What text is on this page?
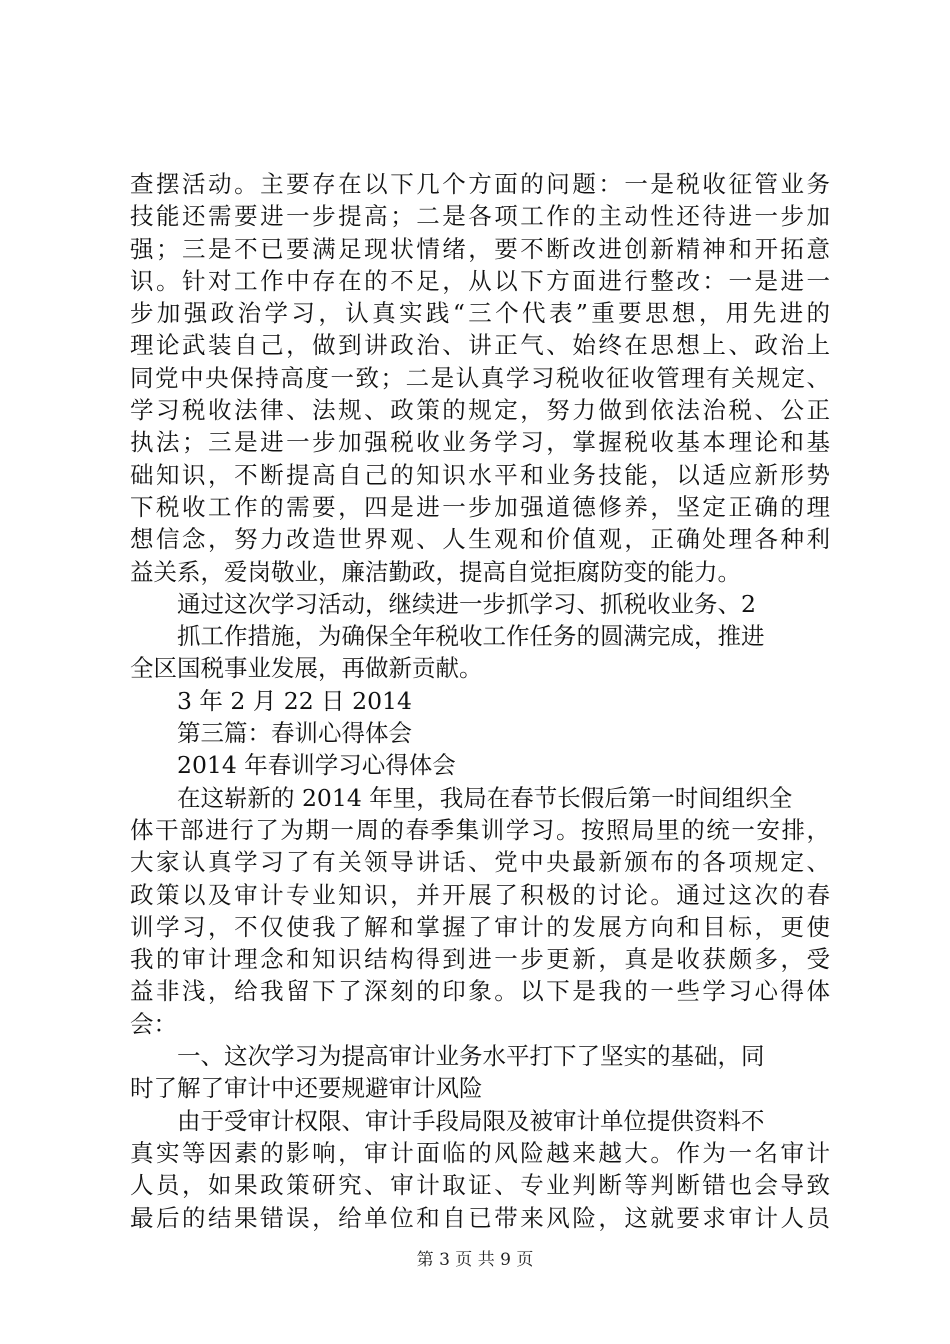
查摆活动。主要存在以下几个方面的问题：一是税收征管业务
技能还需要进一步提高；二是各项工作的主动性还待进一步加
强；三是不已要满足现状情绪，要不断改进创新精神和开拓意
识。针对工作中存在的不足，从以下方面进行整改：一是进一
步加强政治学习，认真实践“三个代表”重要思想，用先进的
理论武装自己，做到讲政治、讲正气、始终在思想上、政治上
同党中央保持高度一致；二是认真学习税收征收管理有关规定、
学习税收法律、法规、政策的规定，努力做到依法治税、公正
执法；三是进一步加强税收业务学习，掌握税收基本理论和基
础知识，不断提高自己的知识水平和业务技能，以适应新形势
下税收工作的需要，四是进一步加强道德修养，坚定正确的理
想信念，努力改造世界观、人生观和价值观，正确处理各种利
益关系，爱岗敬业，廉洁勤政，提高自觉拒腐防变的能力。
通过这次学习活动，继续进一步抓学习、抓税收业务、2
抓工作措施，为确保全年税收工作任务的圆满完成，推进
全区国税事业发展，再做新贡献。
3 年 2 月 22 日 2014
第三篇：春训心得体会
2014 年春训学习心得体会
在这崭新的 2014 年里，我局在春节长假后第一时间组织全
体干部进行了为期一周的春季集训学习。按照局里的统一安排，
大家认真学习了有关领导讲话、党中央最新颁布的各项规定、
政策以及审计专业知识，并开展了积极的讨论。通过这次的春
训学习，不仅使我了解和掌握了审计的发展方向和目标，更使
我的审计理念和知识结构得到进一步更新，真是收获颇多，受
益非浅，给我留下了深刻的印象。以下是我的一些学习心得体
会：
一、这次学习为提高审计业务水平打下了坚实的基础，同
时了解了审计中还要规避审计风险
由于受审计权限、审计手段局限及被审计单位提供资料不
真实等因素的影响，审计面临的风险越来越大。作为一名审计
人员，如果政策研究、审计取证、专业判断等判断错也会导致
最后的结果错误，给单位和自已带来风险，这就要求审计人员
第 3 页 共 9 页
